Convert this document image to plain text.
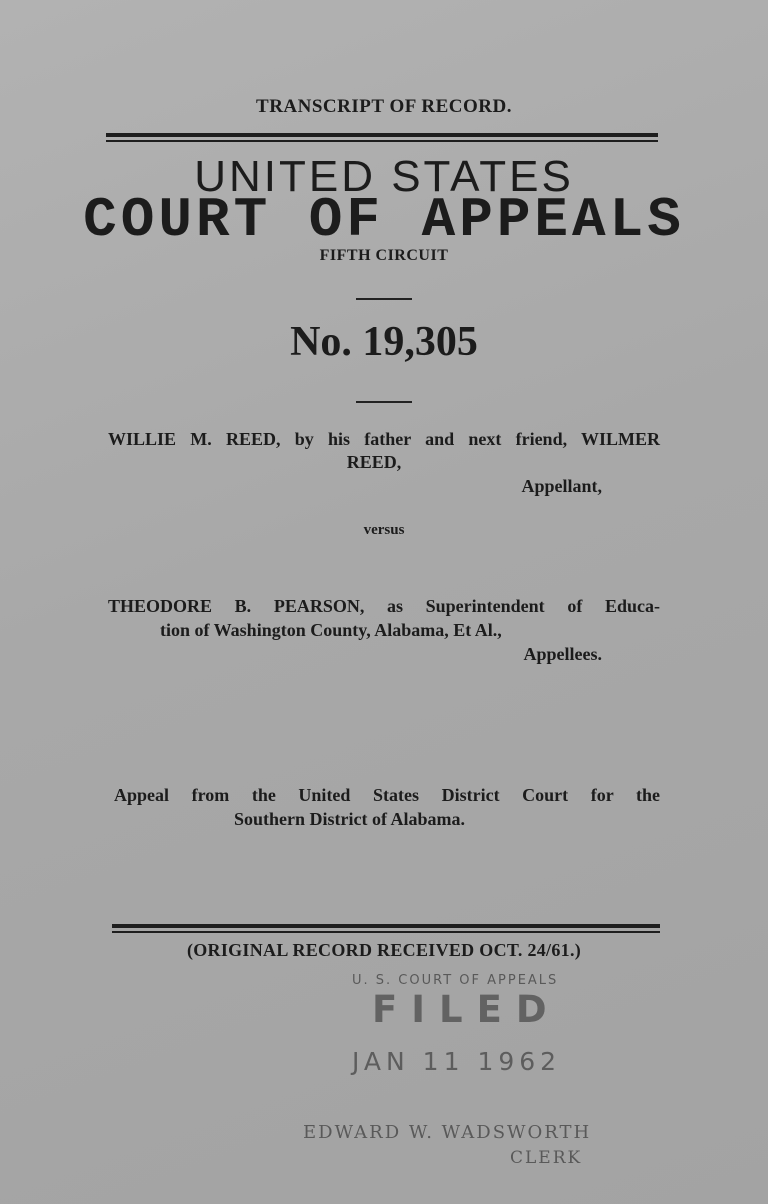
TRANSCRIPT OF RECORD.
UNITED STATES
COURT OF APPEALS
FIFTH CIRCUIT
No. 19,305
WILLIE M. REED, by his father and next friend, WILMER
REED,
Appellant,
versus
THEODORE B. PEARSON, as Superintendent of Educa-
tion of Washington County, Alabama, Et Al.,
Appellees.
Appeal from the United States District Court for the
Southern District of Alabama.
(ORIGINAL RECORD RECEIVED OCT. 24/61.)
U. S. COURT OF APPEALS
FILED
JAN 11 1962
EDWARD W. WADSWORTH
CLERK
